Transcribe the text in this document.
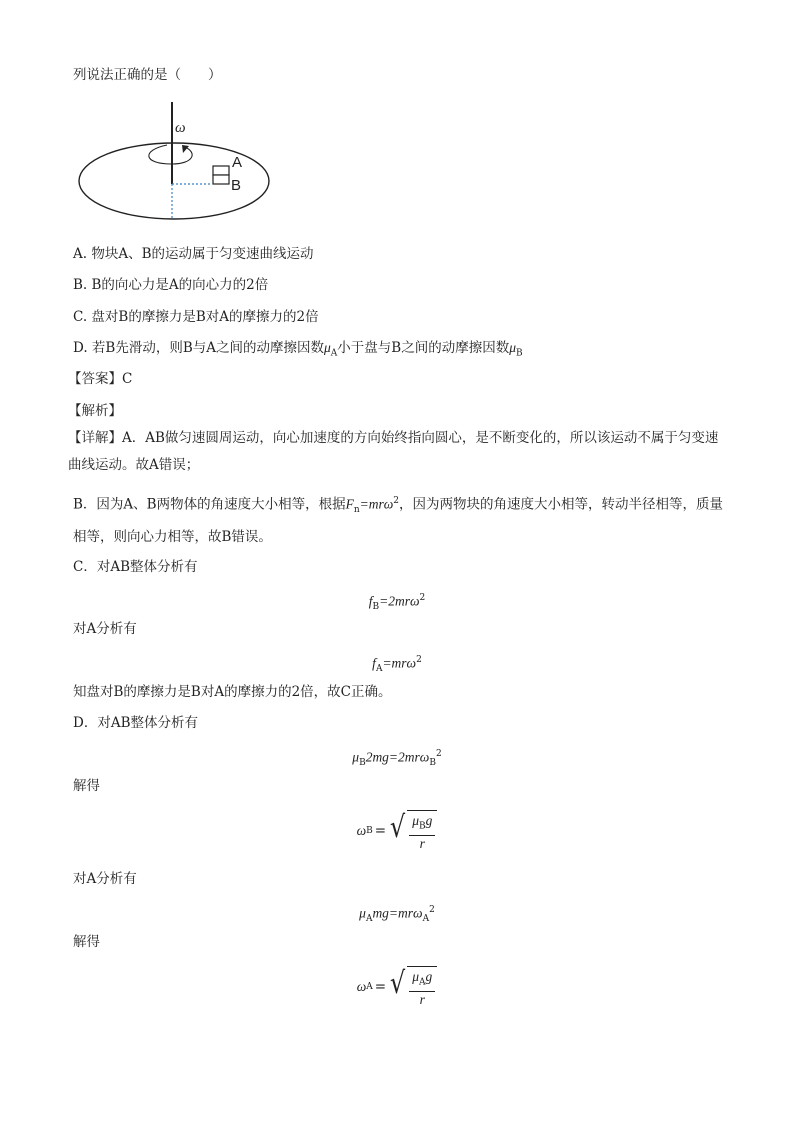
列说法正确的是（　　）
ω
A
B
A. 物块A、B的运动属于匀变速曲线运动
B. B的向心力是A的向心力的2倍
C. 盘对B的摩擦力是B对A的摩擦力的2倍
D. 若B先滑动，则B与A之间的动摩擦因数$\mu_A$小于盘与B之间的动摩擦因数$\mu_B$
【答案】C
【解析】
【详解】A．AB做匀速圆周运动，向心加速度的方向始终指向圆心，是不断变化的，所以该运动不属于匀变速曲线运动。故A错误；
B．因为A、B两物体的角速度大小相等，根据$F_n=mr\omega^2$，因为两物块的角速度大小相等，转动半径相等，质量相等，则向心力相等，故B错误。
C．对AB整体分析有
$f_B=2mr\omega^2$
对A分析有
$f_A=mr\omega^2$
知盘对B的摩擦力是B对A的摩擦力的2倍，故C正确。
D．对AB整体分析有
$\mu_B2mg=2mr\omega_B^2$
解得
ω B = √ $\frac{\mu_Bg}{r}$
对A分析有
$\mu_Amg=mr\omega_A^2$
解得
ω A = √ $\frac{\mu_Ag}{r}$
